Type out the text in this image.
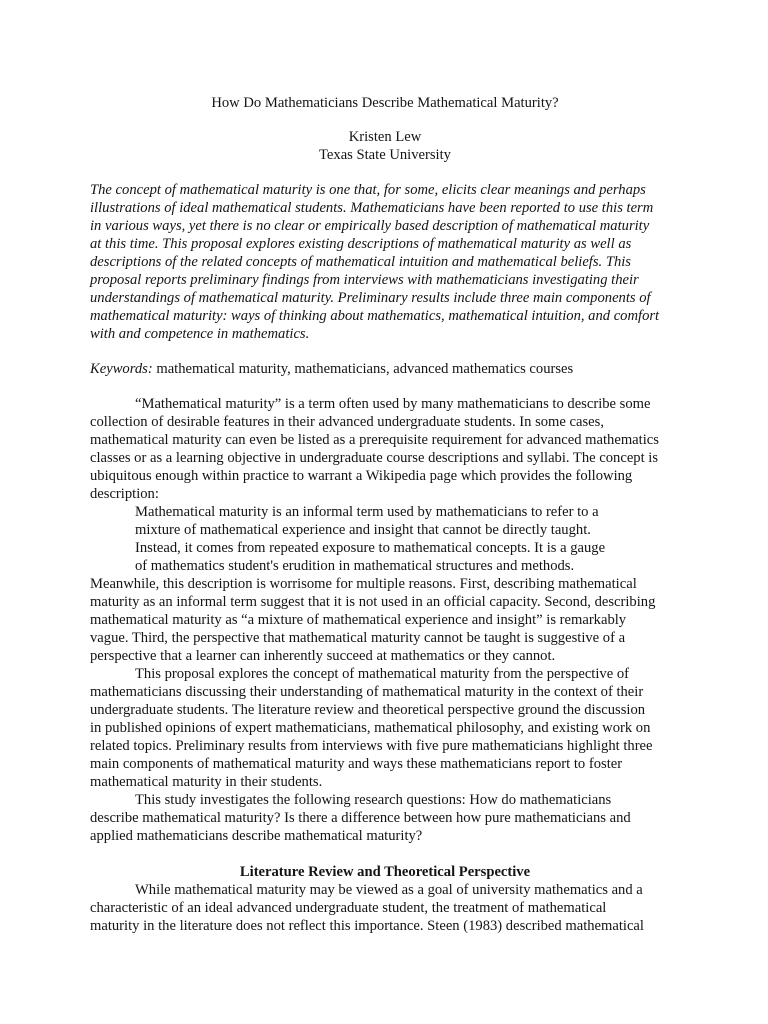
How Do Mathematicians Describe Mathematical Maturity?
Kristen Lew
Texas State University
The concept of mathematical maturity is one that, for some, elicits clear meanings and perhaps
illustrations of ideal mathematical students. Mathematicians have been reported to use this term
in various ways, yet there is no clear or empirically based description of mathematical maturity
at this time. This proposal explores existing descriptions of mathematical maturity as well as
descriptions of the related concepts of mathematical intuition and mathematical beliefs. This
proposal reports preliminary findings from interviews with mathematicians investigating their
understandings of mathematical maturity. Preliminary results include three main components of
mathematical maturity: ways of thinking about mathematics, mathematical intuition, and comfort
with and competence in mathematics.
Keywords: mathematical maturity, mathematicians, advanced mathematics courses
“Mathematical maturity” is a term often used by many mathematicians to describe some
collection of desirable features in their advanced undergraduate students. In some cases,
mathematical maturity can even be listed as a prerequisite requirement for advanced mathematics
classes or as a learning objective in undergraduate course descriptions and syllabi. The concept is
ubiquitous enough within practice to warrant a Wikipedia page which provides the following
description:
Mathematical maturity is an informal term used by mathematicians to refer to a
mixture of mathematical experience and insight that cannot be directly taught.
Instead, it comes from repeated exposure to mathematical concepts. It is a gauge
of mathematics student's erudition in mathematical structures and methods.
Meanwhile, this description is worrisome for multiple reasons. First, describing mathematical
maturity as an informal term suggest that it is not used in an official capacity. Second, describing
mathematical maturity as “a mixture of mathematical experience and insight” is remarkably
vague. Third, the perspective that mathematical maturity cannot be taught is suggestive of a
perspective that a learner can inherently succeed at mathematics or they cannot.
This proposal explores the concept of mathematical maturity from the perspective of
mathematicians discussing their understanding of mathematical maturity in the context of their
undergraduate students. The literature review and theoretical perspective ground the discussion
in published opinions of expert mathematicians, mathematical philosophy, and existing work on
related topics. Preliminary results from interviews with five pure mathematicians highlight three
main components of mathematical maturity and ways these mathematicians report to foster
mathematical maturity in their students.
This study investigates the following research questions: How do mathematicians
describe mathematical maturity? Is there a difference between how pure mathematicians and
applied mathematicians describe mathematical maturity?
Literature Review and Theoretical Perspective
While mathematical maturity may be viewed as a goal of university mathematics and a
characteristic of an ideal advanced undergraduate student, the treatment of mathematical
maturity in the literature does not reflect this importance. Steen (1983) described mathematical
